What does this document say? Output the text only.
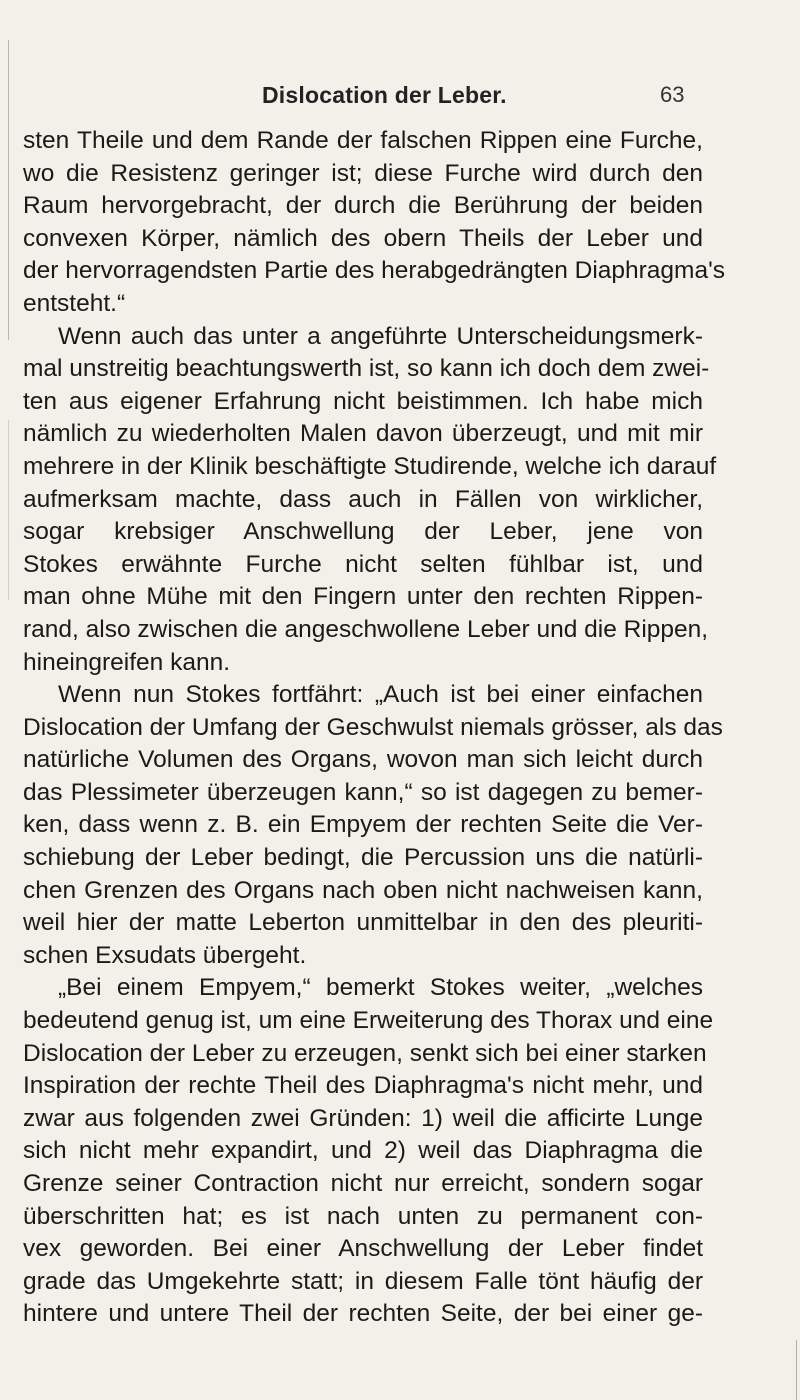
Dislocation der Leber.	63
sten Theile und dem Rande der falschen Rippen eine Furche,
wo die Resistenz geringer ist; diese Furche wird durch den
Raum hervorgebracht, der durch die Berührung der beiden
convexen Körper, nämlich des obern Theils der Leber und
der hervorragendsten Partie des herabgedrängten Diaphragma's
entsteht.“
Wenn auch das unter a angeführte Unterscheidungsmerk-
mal unstreitig beachtungswerth ist, so kann ich doch dem zwei-
ten aus eigener Erfahrung nicht beistimmen. Ich habe mich
nämlich zu wiederholten Malen davon überzeugt, und mit mir
mehrere in der Klinik beschäftigte Studirende, welche ich darauf
aufmerksam machte, dass auch in Fällen von wirklicher,
sogar krebsiger Anschwellung der Leber, jene von
Stokes erwähnte Furche nicht selten fühlbar ist, und
man ohne Mühe mit den Fingern unter den rechten Rippen-
rand, also zwischen die angeschwollene Leber und die Rippen,
hineingreifen kann.
Wenn nun Stokes fortfährt: „Auch ist bei einer einfachen
Dislocation der Umfang der Geschwulst niemals grösser, als das
natürliche Volumen des Organs, wovon man sich leicht durch
das Plessimeter überzeugen kann,“ so ist dagegen zu bemer-
ken, dass wenn z. B. ein Empyem der rechten Seite die Ver-
schiebung der Leber bedingt, die Percussion uns die natürli-
chen Grenzen des Organs nach oben nicht nachweisen kann,
weil hier der matte Leberton unmittelbar in den des pleuriti-
schen Exsudats übergeht.
„Bei einem Empyem,“ bemerkt Stokes weiter, „welches
bedeutend genug ist, um eine Erweiterung des Thorax und eine
Dislocation der Leber zu erzeugen, senkt sich bei einer starken
Inspiration der rechte Theil des Diaphragma's nicht mehr, und
zwar aus folgenden zwei Gründen: 1) weil die afficirte Lunge
sich nicht mehr expandirt, und 2) weil das Diaphragma die
Grenze seiner Contraction nicht nur erreicht, sondern sogar
überschritten hat; es ist nach unten zu permanent con-
vex geworden. Bei einer Anschwellung der Leber findet
grade das Umgekehrte statt; in diesem Falle tönt häufig der
hintere und untere Theil der rechten Seite, der bei einer ge-
